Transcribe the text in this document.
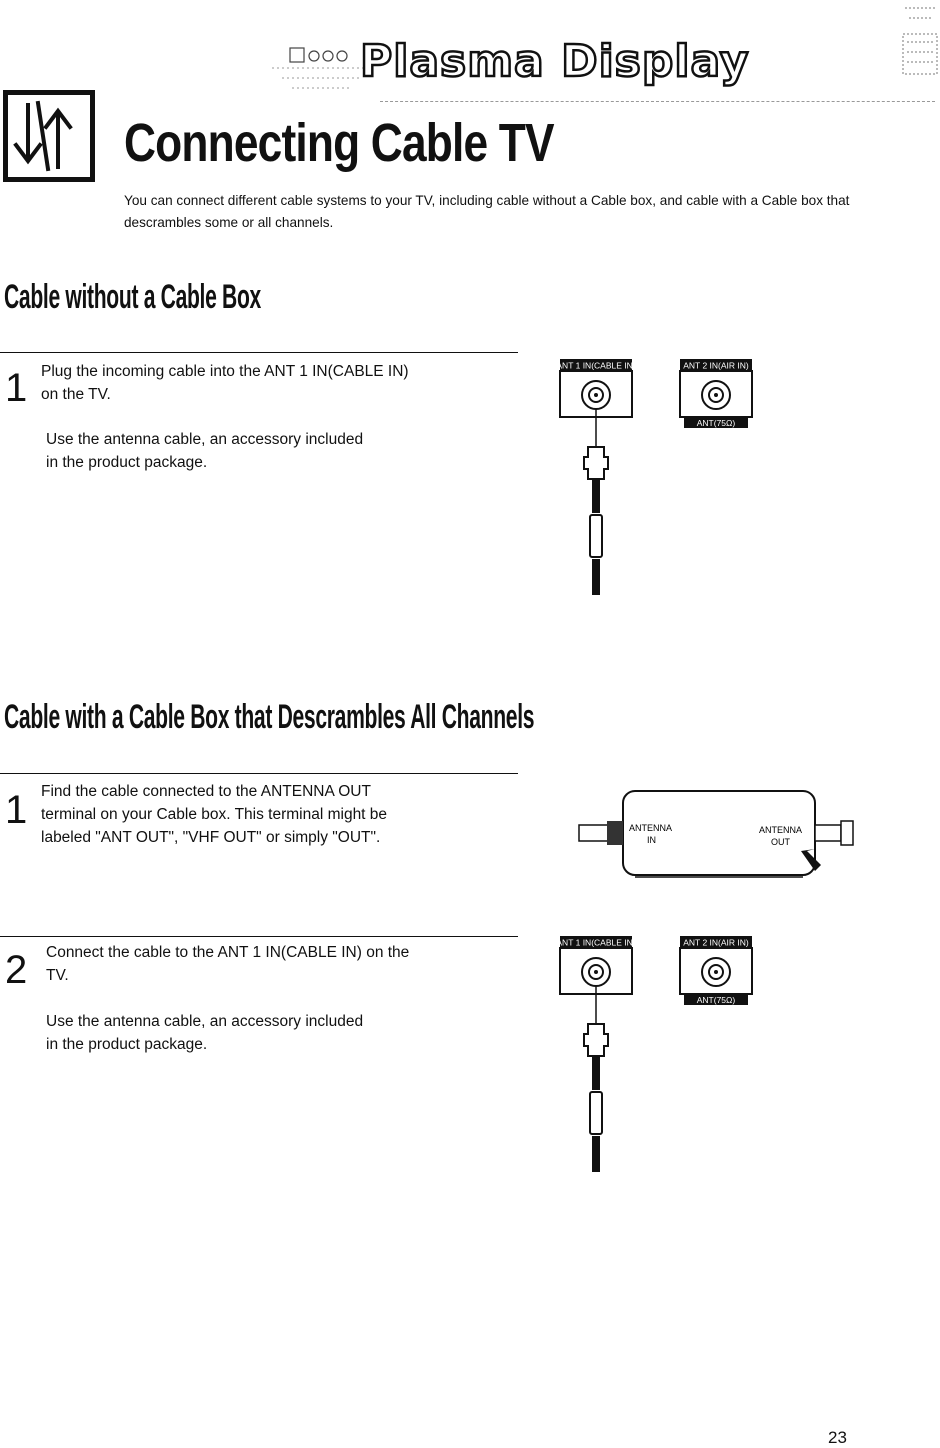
Plasma Display
Connecting Cable TV
You can connect different cable systems to your TV, including cable without a Cable box, and cable with a Cable box that descrambles some or all channels.
Cable without a Cable Box
1 Plug the incoming cable into the ANT 1 IN(CABLE IN)
on the TV.
Use the antenna cable, an accessory included
in the product package.
ANT 1 IN(CABLE IN)	ANT 2 IN(AIR IN)
ANT(75Ω)
Cable with a Cable Box that Descrambles All Channels
1 Find the cable connected to the ANTENNA OUT
terminal on your Cable box. This terminal might be
labeled "ANT OUT", "VHF OUT" or simply "OUT".
ANTENNA
IN
ANTENNA
OUT
2 Connect the cable to the ANT 1 IN(CABLE IN) on the
TV.
Use the antenna cable, an accessory included
in the product package.
ANT 1 IN(CABLE IN)	ANT 2 IN(AIR IN)
ANT(75Ω)
23
